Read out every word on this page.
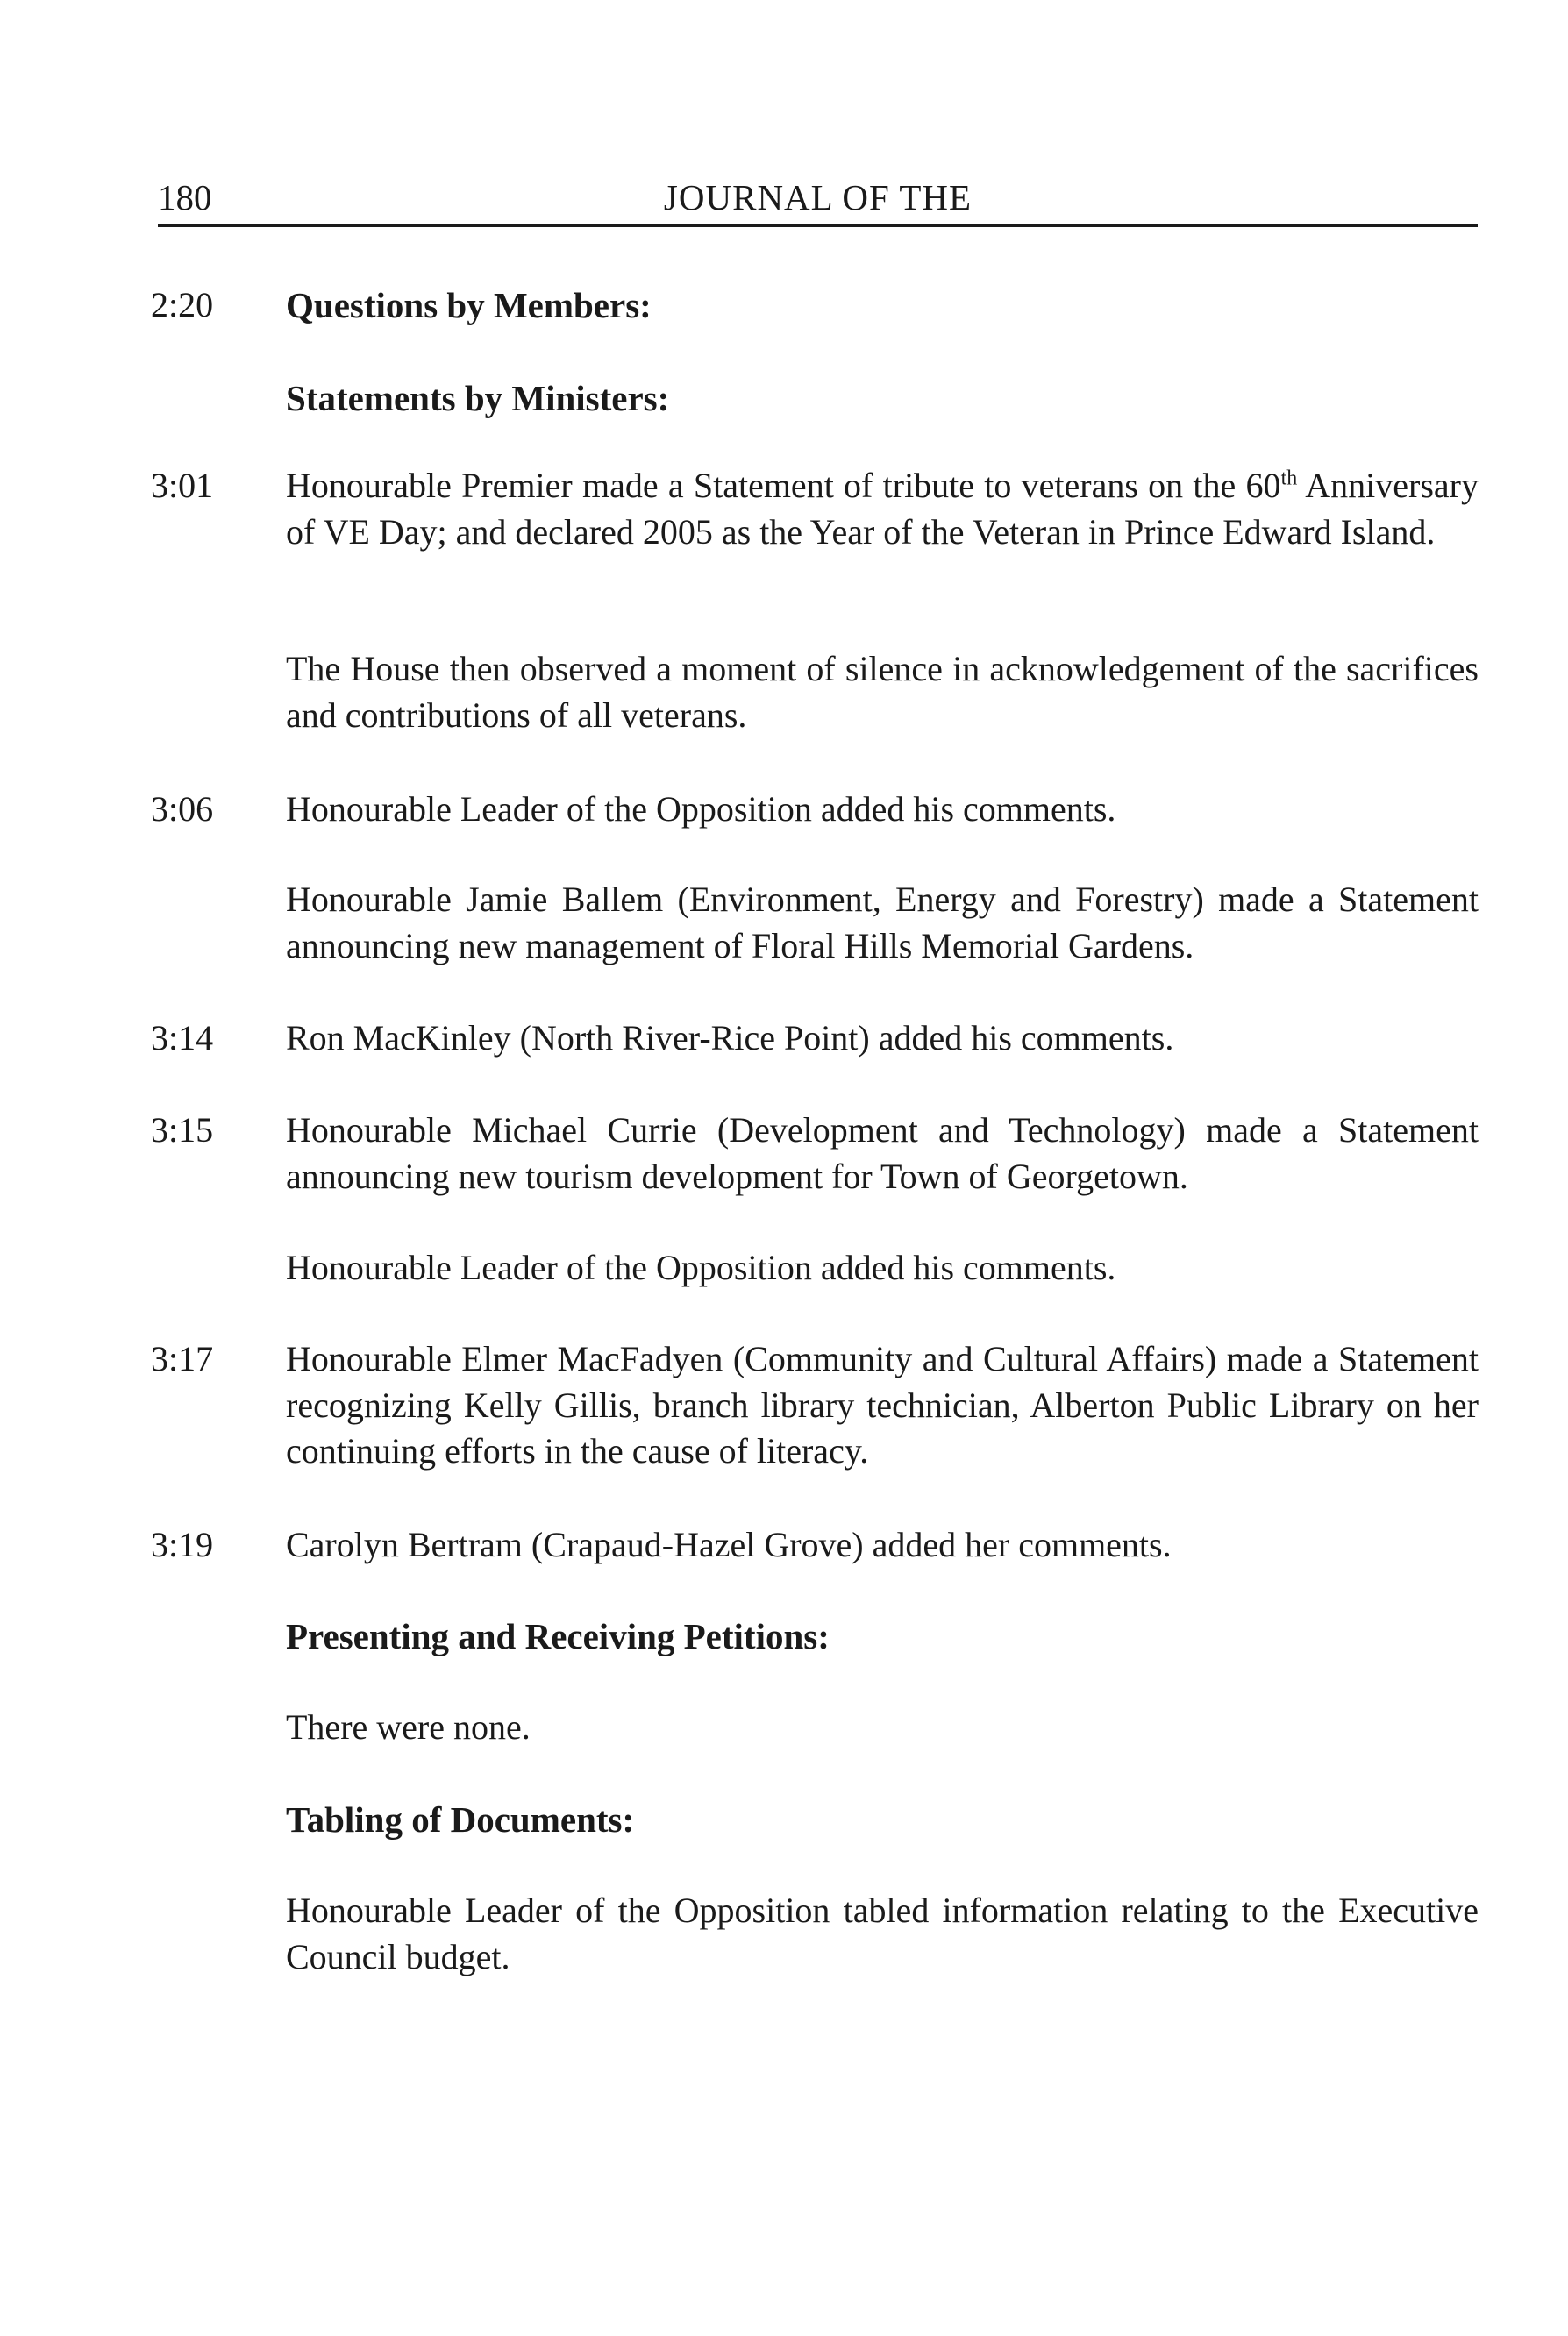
180	JOURNAL OF THE
2:20	Questions by Members:
Statements by Ministers:
3:01	Honourable Premier made a Statement of tribute to veterans on the 60th Anniversary of VE Day; and declared 2005 as the Year of the Veteran in Prince Edward Island.
The House then observed a moment of silence in acknowledgement of the sacrifices and contributions of all veterans.
3:06	Honourable Leader of the Opposition added his comments.
Honourable Jamie Ballem (Environment, Energy and Forestry) made a Statement announcing new management of Floral Hills Memorial Gardens.
3:14	Ron MacKinley (North River-Rice Point) added his comments.
3:15	Honourable Michael Currie (Development and Technology) made a Statement announcing new tourism development for Town of Georgetown.
Honourable Leader of the Opposition added his comments.
3:17	Honourable Elmer MacFadyen (Community and Cultural Affairs) made a Statement recognizing Kelly Gillis, branch library technician, Alberton Public Library on her continuing efforts in the cause of literacy.
3:19	Carolyn Bertram (Crapaud-Hazel Grove) added her comments.
Presenting and Receiving Petitions:
There were none.
Tabling of Documents:
Honourable Leader of the Opposition tabled information relating to the Executive Council budget.
